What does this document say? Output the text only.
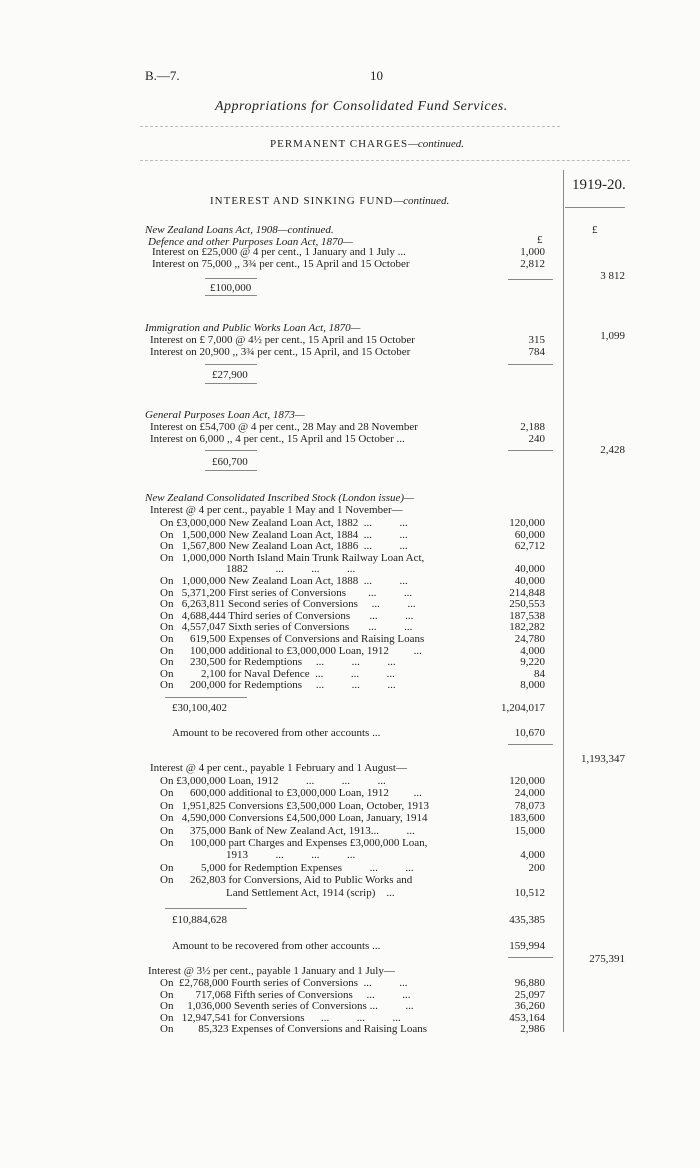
B.—7.	10
Appropriations for Consolidated Fund Services.
PERMANENT CHARGES—continued.
1919-20.
INTEREST AND SINKING FUND—continued.
New Zealand Loans Act, 1908—continued.
Defence and other Purposes Loan Act, 1870—	£
£
Interest on £25,000 @ 4 per cent., 1 January and 1 July ...	1,000
Interest on 75,000 ,, 3¾ per cent., 15 April and 15 October	2,812
£100,000
3 812
Immigration and Public Works Loan Act, 1870—
Interest on £ 7,000 @ 4½ per cent., 15 April and 15 October	315
Interest on 20,900 ,, 3¾ per cent., 15 April, and 15 October	784
£27,900
1,099
General Purposes Loan Act, 1873—
Interest on £54,700 @ 4 per cent., 28 May and 28 November	2,188
Interest on 6,000 ,, 4 per cent., 15 April and 15 October ...	240
£60,700
2,428
New Zealand Consolidated Inscribed Stock (London issue)—
Interest @ 4 per cent., payable 1 May and 1 November—
On £3,000,000 New Zealand Loan Act, 1882  ...          ...	120,000
On   1,500,000 New Zealand Loan Act, 1884  ...          ...	60,000
On   1,567,800 New Zealand Loan Act, 1886  ...          ...	62,712
On   1,000,000 North Island Main Trunk Railway Loan Act,
1882          ...          ...          ...	40,000
On   1,000,000 New Zealand Loan Act, 1888  ...          ...	40,000
On   5,371,200 First series of Conversions        ...          ...	214,848
On   6,263,811 Second series of Conversions     ...          ...	250,553
On   4,688,444 Third series of Conversions       ...          ...	187,538
On   4,557,047 Sixth series of Conversions       ...          ...	182,282
On      619,500 Expenses of Conversions and Raising Loans	24,780
On      100,000 additional to £3,000,000 Loan, 1912         ...	4,000
On      230,500 for Redemptions     ...          ...          ...	9,220
On          2,100 for Naval Defence  ...          ...          ...	84
On      200,000 for Redemptions     ...          ...          ...	8,000
£30,100,402	1,204,017
Amount to be recovered from other accounts ...	10,670
1,193,347
Interest @ 4 per cent., payable 1 February and 1 August—
On £3,000,000 Loan, 1912          ...          ...          ...	120,000
On      600,000 additional to £3,000,000 Loan, 1912         ...	24,000
On   1,951,825 Conversions £3,500,000 Loan, October, 1913	78,073
On   4,590,000 Conversions £4,500,000 Loan, January, 1914	183,600
On      375,000 Bank of New Zealand Act, 1913...          ...	15,000
On      100,000 part Charges and Expenses £3,000,000 Loan,
1913          ...          ...          ...	4,000
On          5,000 for Redemption Expenses          ...          ...	200
On      262,803 for Conversions, Aid to Public Works and
Land Settlement Act, 1914 (scrip)    ...	10,512
£10,884,628	435,385
Amount to be recovered from other accounts ...	159,994
275,391
Interest @ 3½ per cent., payable 1 January and 1 July—
On  £2,768,000 Fourth series of Conversions  ...          ...	96,880
On        717,068 Fifth series of Conversions     ...          ...	25,097
On     1,036,000 Seventh series of Conversions ...          ...	36,260
On   12,947,541 for Conversions      ...          ...          ...	453,164
On         85,323 Expenses of Conversions and Raising Loans	2,986
